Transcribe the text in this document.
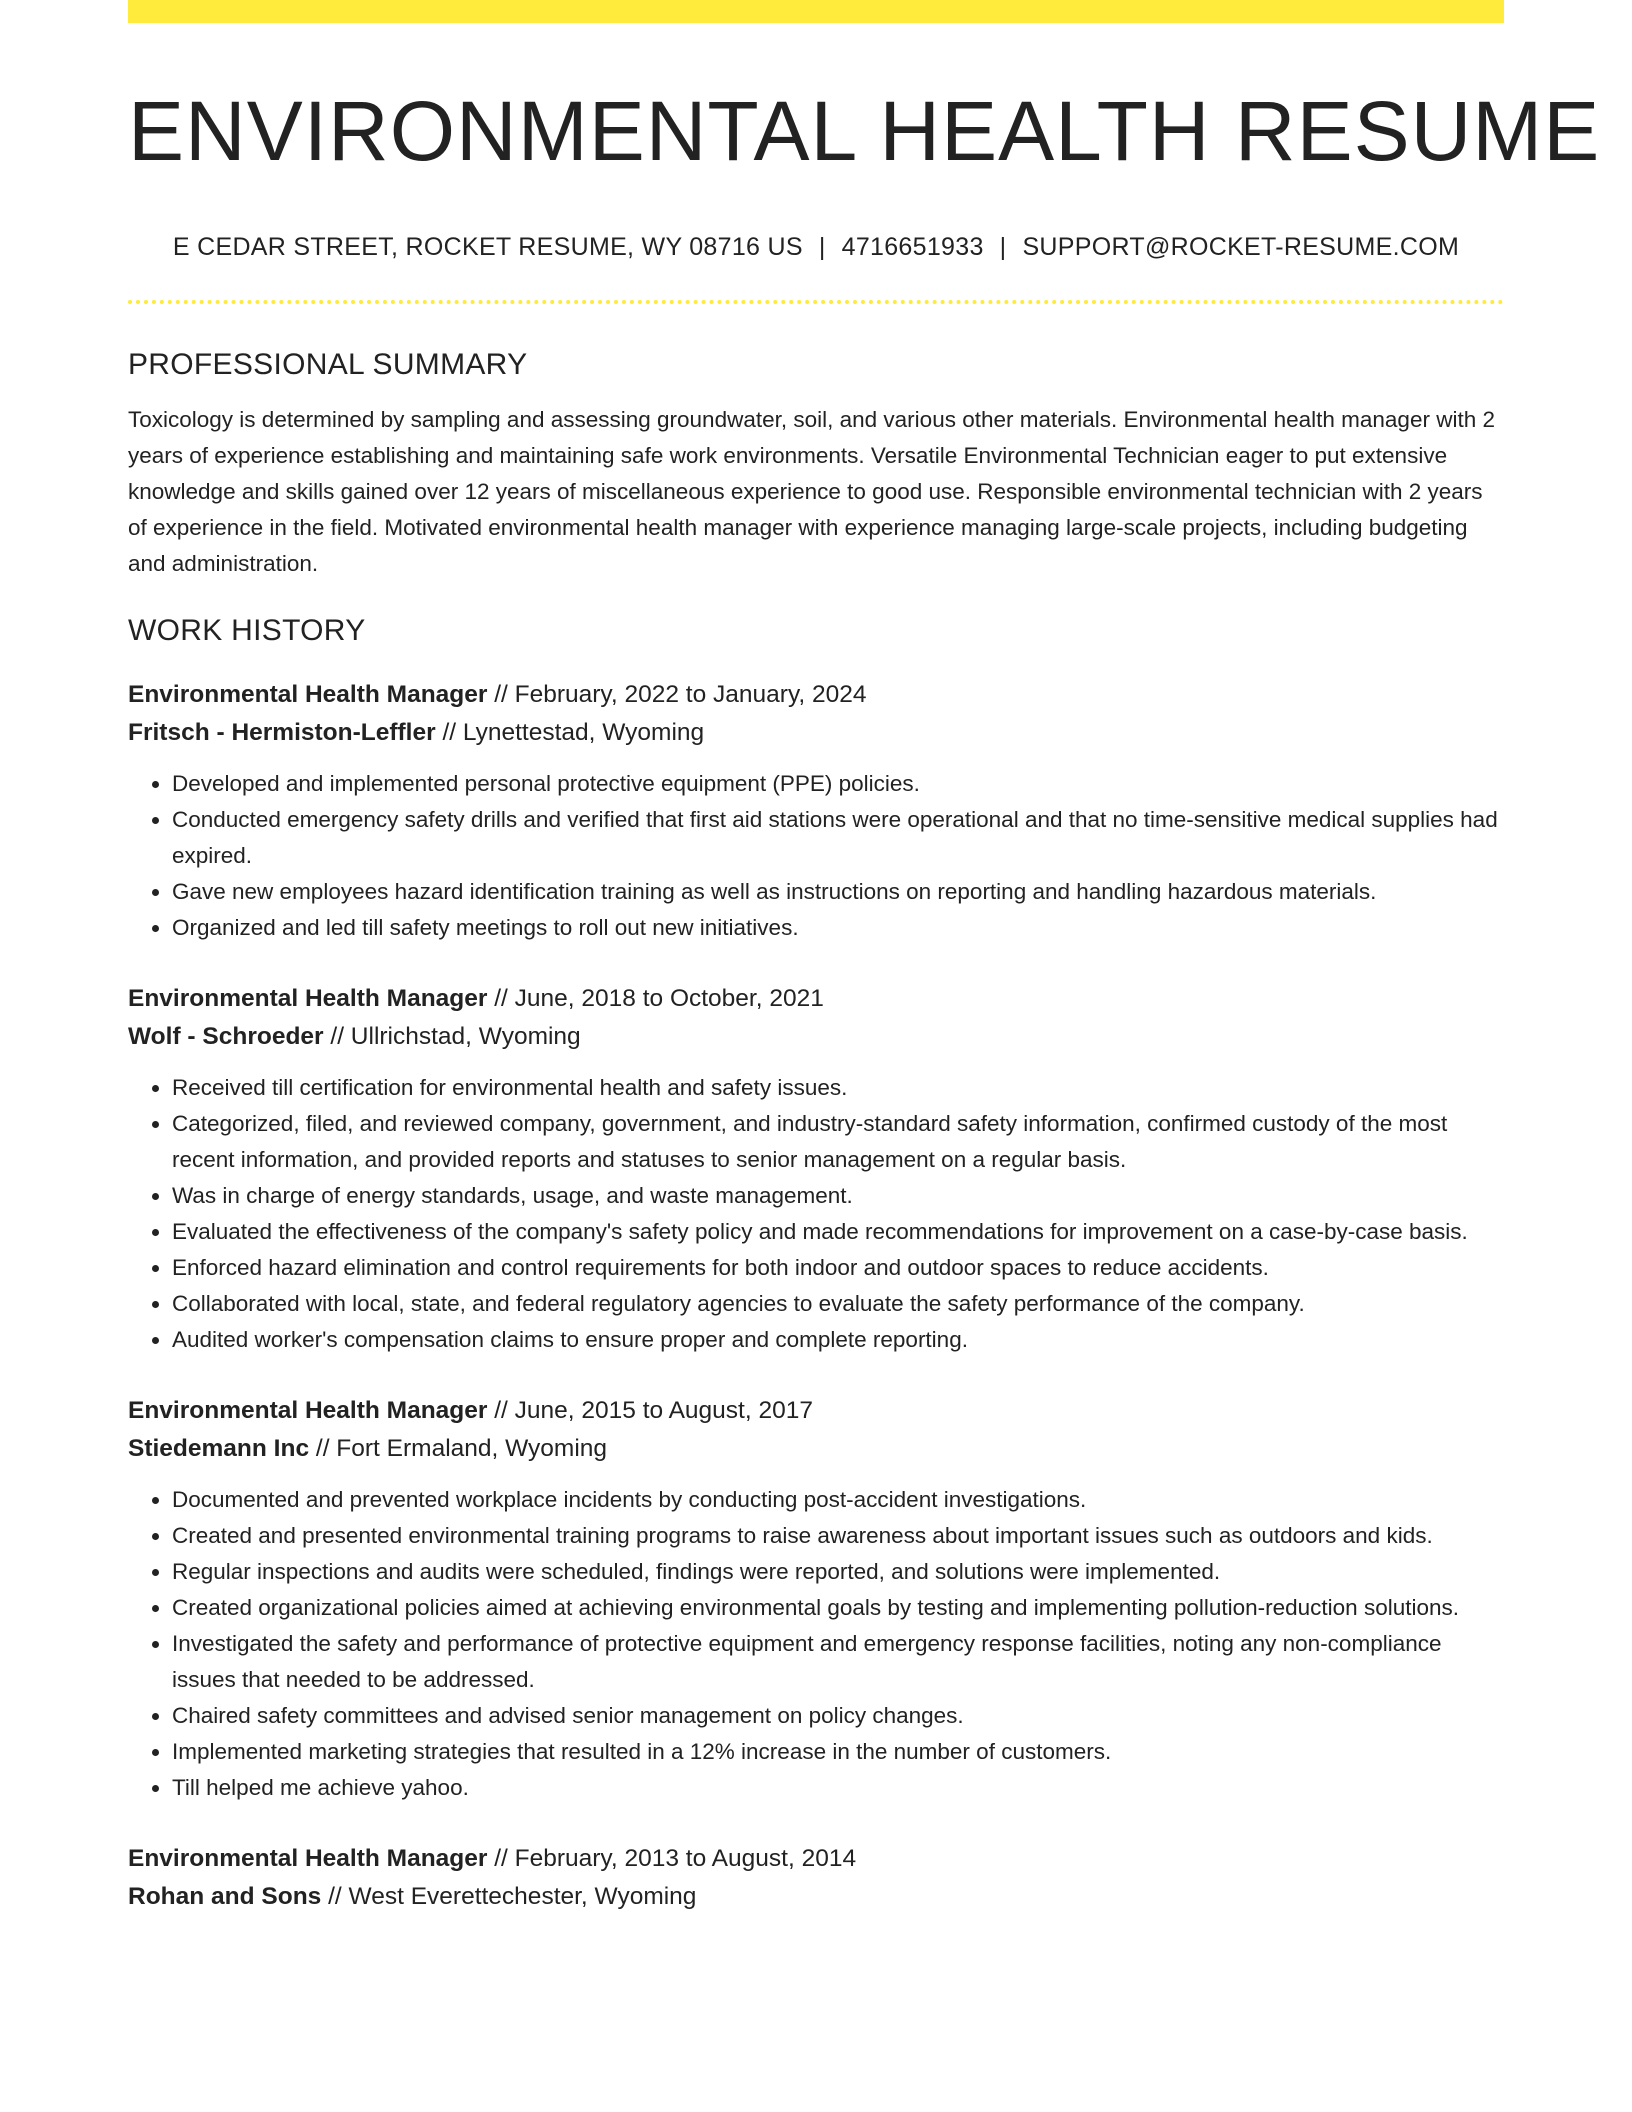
ENVIRONMENTAL HEALTH RESUME
E CEDAR STREET, ROCKET RESUME, WY 08716 US | 4716651933 | SUPPORT@ROCKET-RESUME.COM
PROFESSIONAL SUMMARY

Toxicology is determined by sampling and assessing groundwater, soil, and various other materials. Environmental health manager with 2 years of experience establishing and maintaining safe work environments. Versatile Environmental Technician eager to put extensive knowledge and skills gained over 12 years of miscellaneous experience to good use. Responsible environmental technician with 2 years of experience in the field. Motivated environmental health manager with experience managing large-scale projects, including budgeting and administration.

WORK HISTORY
Environmental Health Manager // February, 2022 to January, 2024
Fritsch - Hermiston-Leffler // Lynettestad, Wyoming
• Developed and implemented personal protective equipment (PPE) policies.
• Conducted emergency safety drills and verified that first aid stations were operational and that no time-sensitive medical supplies had expired.
• Gave new employees hazard identification training as well as instructions on reporting and handling hazardous materials.
• Organized and led till safety meetings to roll out new initiatives.
Environmental Health Manager // June, 2018 to October, 2021
Wolf - Schroeder // Ullrichstad, Wyoming
• Received till certification for environmental health and safety issues.
• Categorized, filed, and reviewed company, government, and industry-standard safety information, confirmed custody of the most recent information, and provided reports and statuses to senior management on a regular basis.
• Was in charge of energy standards, usage, and waste management.
• Evaluated the effectiveness of the company's safety policy and made recommendations for improvement on a case-by-case basis.
• Enforced hazard elimination and control requirements for both indoor and outdoor spaces to reduce accidents.
• Collaborated with local, state, and federal regulatory agencies to evaluate the safety performance of the company.
• Audited worker's compensation claims to ensure proper and complete reporting.
Environmental Health Manager // June, 2015 to August, 2017
Stiedemann Inc // Fort Ermaland, Wyoming
• Documented and prevented workplace incidents by conducting post-accident investigations.
• Created and presented environmental training programs to raise awareness about important issues such as outdoors and kids.
• Regular inspections and audits were scheduled, findings were reported, and solutions were implemented.
• Created organizational policies aimed at achieving environmental goals by testing and implementing pollution-reduction solutions.
• Investigated the safety and performance of protective equipment and emergency response facilities, noting any non-compliance issues that needed to be addressed.
• Chaired safety committees and advised senior management on policy changes.
• Implemented marketing strategies that resulted in a 12% increase in the number of customers.
• Till helped me achieve yahoo.
Environmental Health Manager // February, 2013 to August, 2014
Rohan and Sons // West Everettechester, Wyoming
